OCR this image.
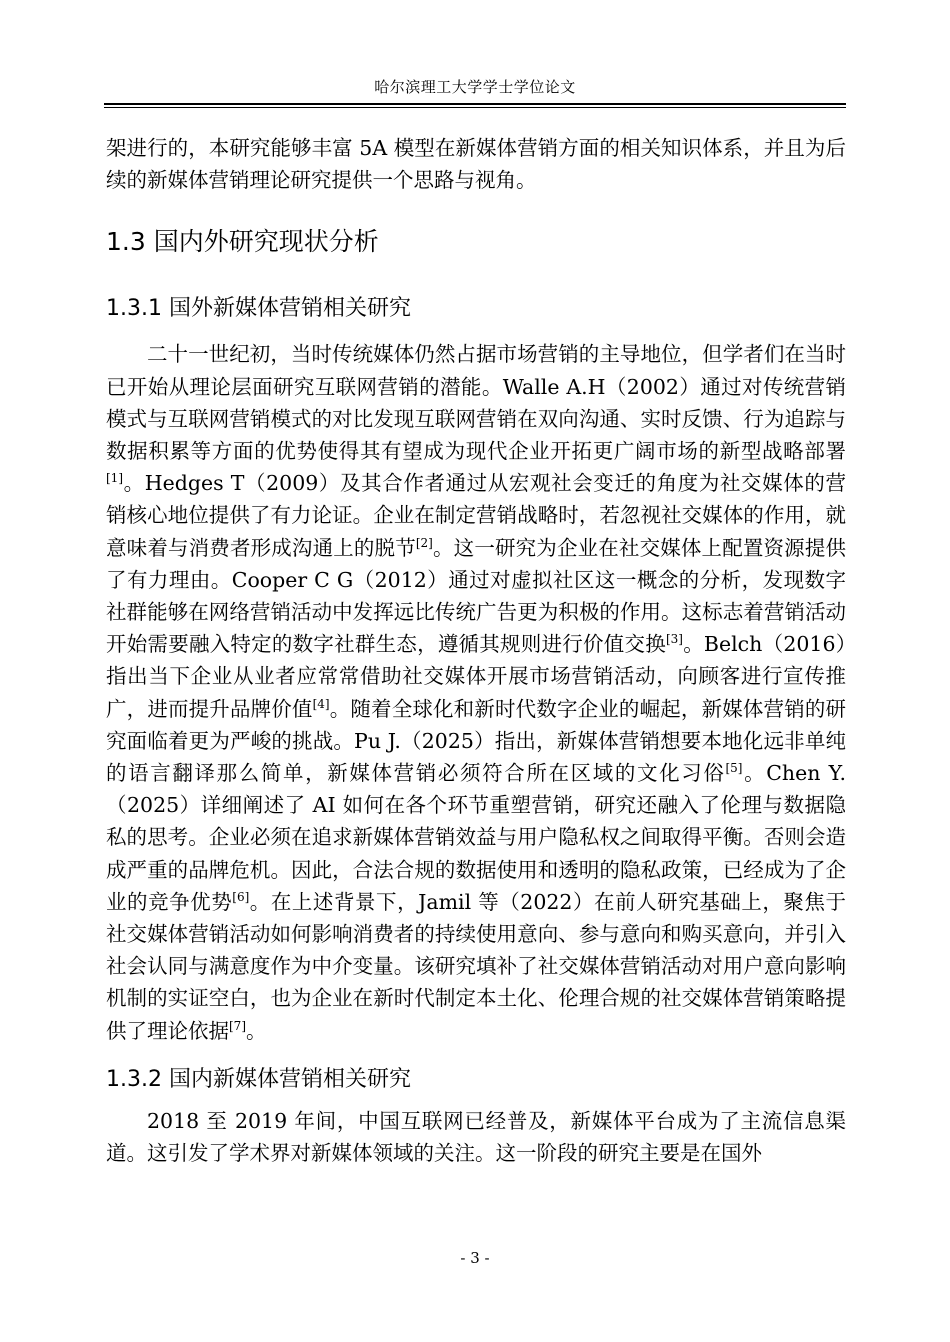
哈尔滨理工大学学士学位论文

架进行的，本研究能够丰富 5A 模型在新媒体营销方面的相关知识体系，并且为后续的新媒体营销理论研究提供一个思路与视角。

1.3 国内外研究现状分析
1.3.1 国外新媒体营销相关研究

二十一世纪初，当时传统媒体仍然占据市场营销的主导地位，但学者们在当时已开始从理论层面研究互联网营销的潜能。Walle A.H（2002）通过对传统营销模式与互联网营销模式的对比发现互联网营销在双向沟通、实时反馈、行为追踪与数据积累等方面的优势使得其有望成为现代企业开拓更广阔市场的新型战略部署[1]。Hedges T（2009）及其合作者通过从宏观社会变迁的角度为社交媒体的营销核心地位提供了有力论证。企业在制定营销战略时，若忽视社交媒体的作用，就意味着与消费者形成沟通上的脱节[2]。这一研究为企业在社交媒体上配置资源提供了有力理由。Cooper C G（2012）通过对虚拟社区这一概念的分析，发现数字社群能够在网络营销活动中发挥远比传统广告更为积极的作用。这标志着营销活动开始需要融入特定的数字社群生态，遵循其规则进行价值交换[3]。Belch（2016）指出当下企业从业者应常常借助社交媒体开展市场营销活动，向顾客进行宣传推广，进而提升品牌价值[4]。随着全球化和新时代数字企业的崛起，新媒体营销的研究面临着更为严峻的挑战。Pu J.（2025）指出，新媒体营销想要本地化远非单纯的语言翻译那么简单，新媒体营销必须符合所在区域的文化习俗[5]。Chen Y.（2025）详细阐述了 AI 如何在各个环节重塑营销，研究还融入了伦理与数据隐私的思考。企业必须在追求新媒体营销效益与用户隐私权之间取得平衡。否则会造成严重的品牌危机。因此，合法合规的数据使用和透明的隐私政策，已经成为了企业的竞争优势[6]。在上述背景下，Jamil 等（2022）在前人研究基础上，聚焦于社交媒体营销活动如何影响消费者的持续使用意向、参与意向和购买意向，并引入社会认同与满意度作为中介变量。该研究填补了社交媒体营销活动对用户意向影响机制的实证空白，也为企业在新时代制定本土化、伦理合规的社交媒体营销策略提供了理论依据[7]。

1.3.2 国内新媒体营销相关研究

2018 至 2019 年间，中国互联网已经普及，新媒体平台成为了主流信息渠道。这引发了学术界对新媒体领域的关注。这一阶段的研究主要是在国外

- 3 -
